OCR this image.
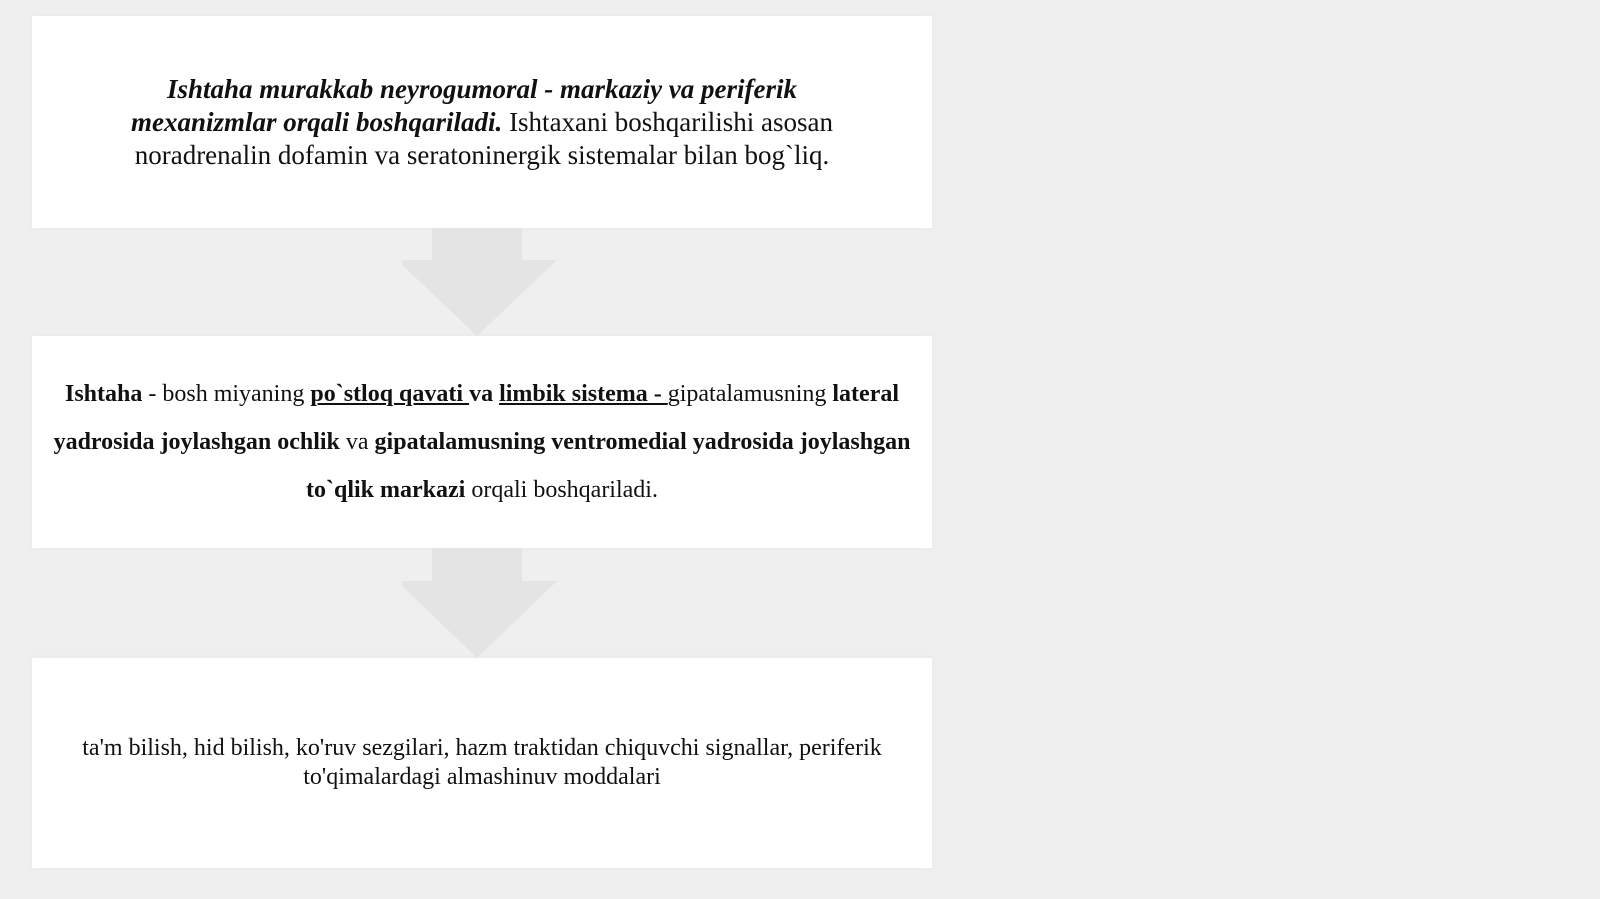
Ishtaha murakkab neyrogumoral - markaziy va periferik mexanizmlar orqali boshqariladi. Ishtaxani boshqarilishi asosan noradrenalin dofamin va seratoninergik sistemalar bilan bog`liq.

Ishtaha - bosh miyaning po`stloq qavati va limbik sistema - gipatalamusning lateral yadrosida joylashgan ochlik va gipatalamusning ventromedial yadrosida joylashgan to`qlik markazi orqali boshqariladi.

ta'm bilish, hid bilish, ko'ruv sezgilari, hazm traktidan chiquvchi signallar, periferik to'qimalardagi almashinuv moddalari
